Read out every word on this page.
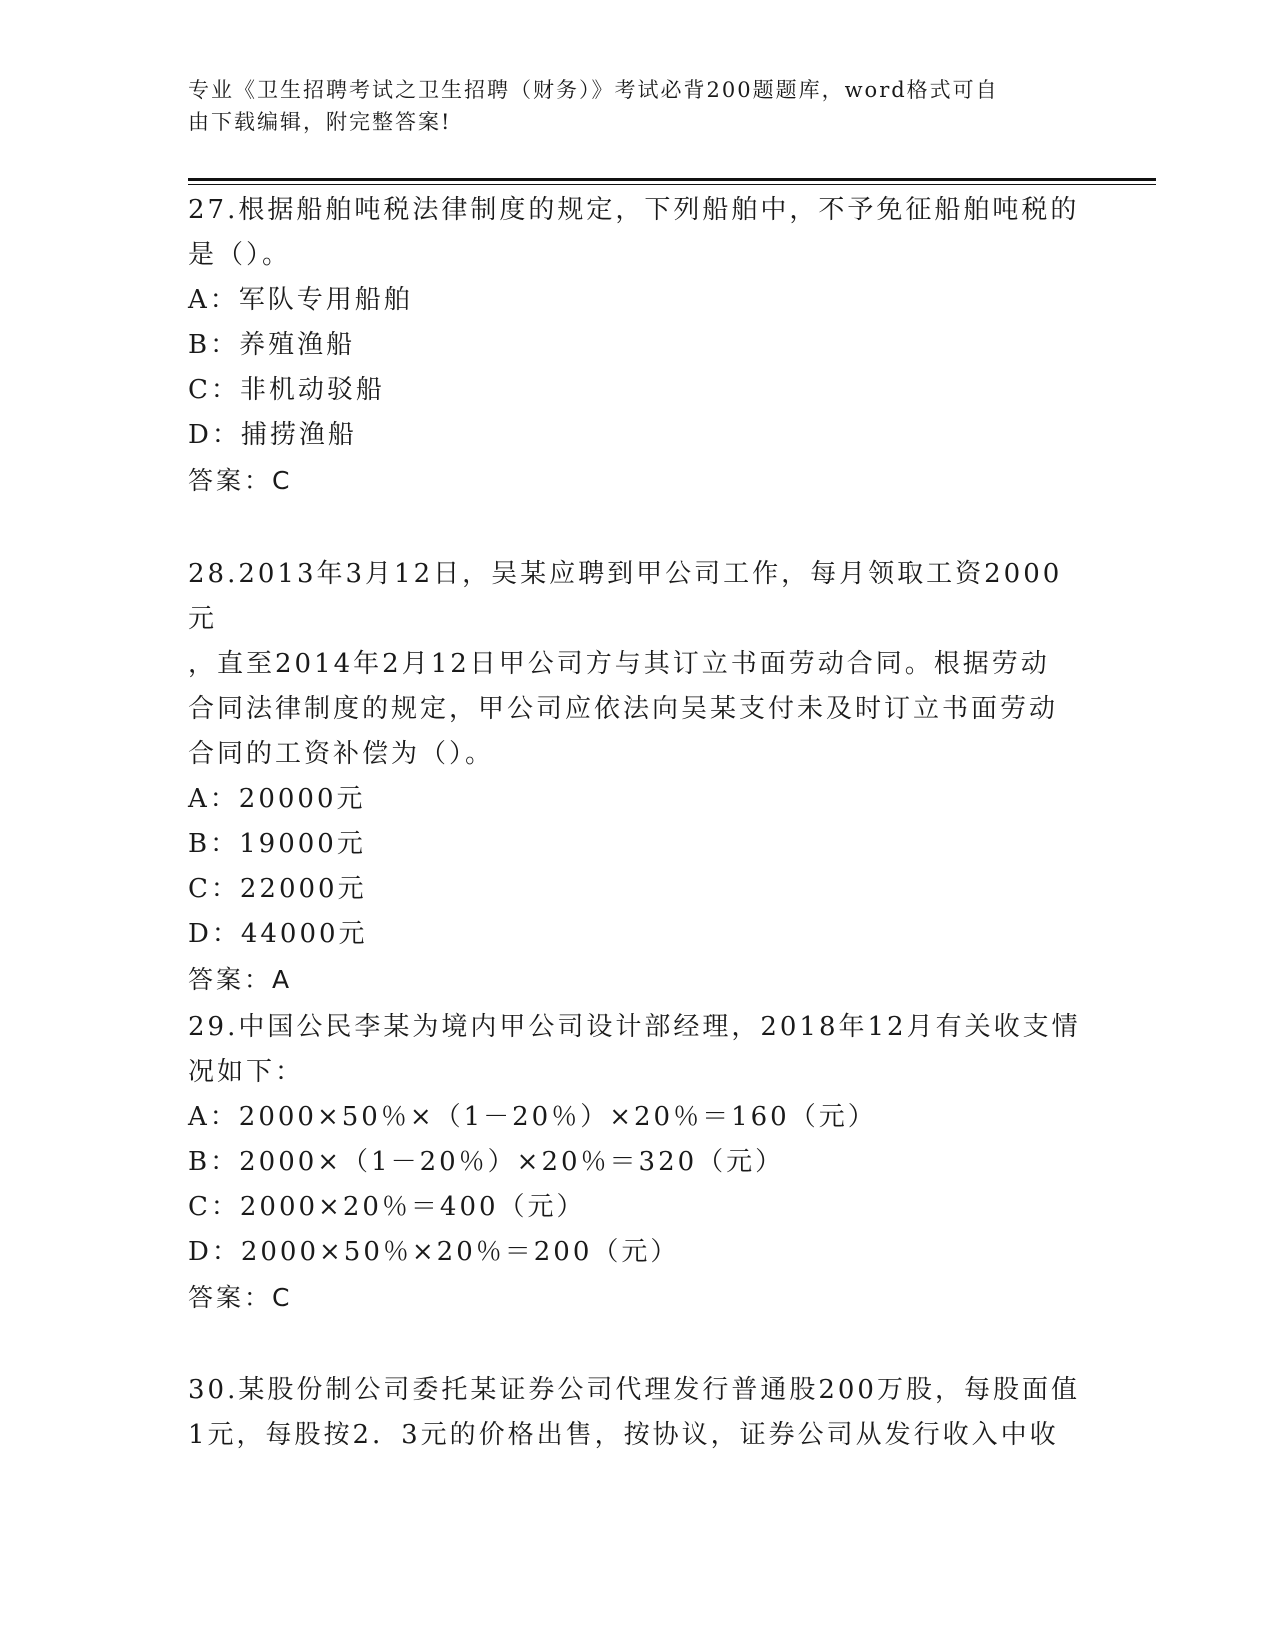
专业《卫生招聘考试之卫生招聘（财务）》考试必背200题题库，word格式可自
由下载编辑，附完整答案!
27.根据船舶吨税法律制度的规定，下列船舶中，不予免征船舶吨税的
是（）。
A：军队专用船舶
B：养殖渔船
C：非机动驳船
D：捕捞渔船
答案：C
28.2013年3月12日，吴某应聘到甲公司工作，每月领取工资2000元
，直至2014年2月12日甲公司方与其订立书面劳动合同。根据劳动
合同法律制度的规定，甲公司应依法向吴某支付未及时订立书面劳动
合同的工资补偿为（）。
A：20000元
B：19000元
C：22000元
D：44000元
答案：A
29.中国公民李某为境内甲公司设计部经理，2018年12月有关收支情
况如下：
A：2000×50％×（1－20％）×20％＝160（元）
B：2000×（1－20％）×20％＝320（元）
C：2000×20％＝400（元）
D：2000×50％×20％＝200（元）
答案：C
30.某股份制公司委托某证券公司代理发行普通股200万股，每股面值
1元，每股按2．3元的价格出售，按协议，证券公司从发行收入中收
